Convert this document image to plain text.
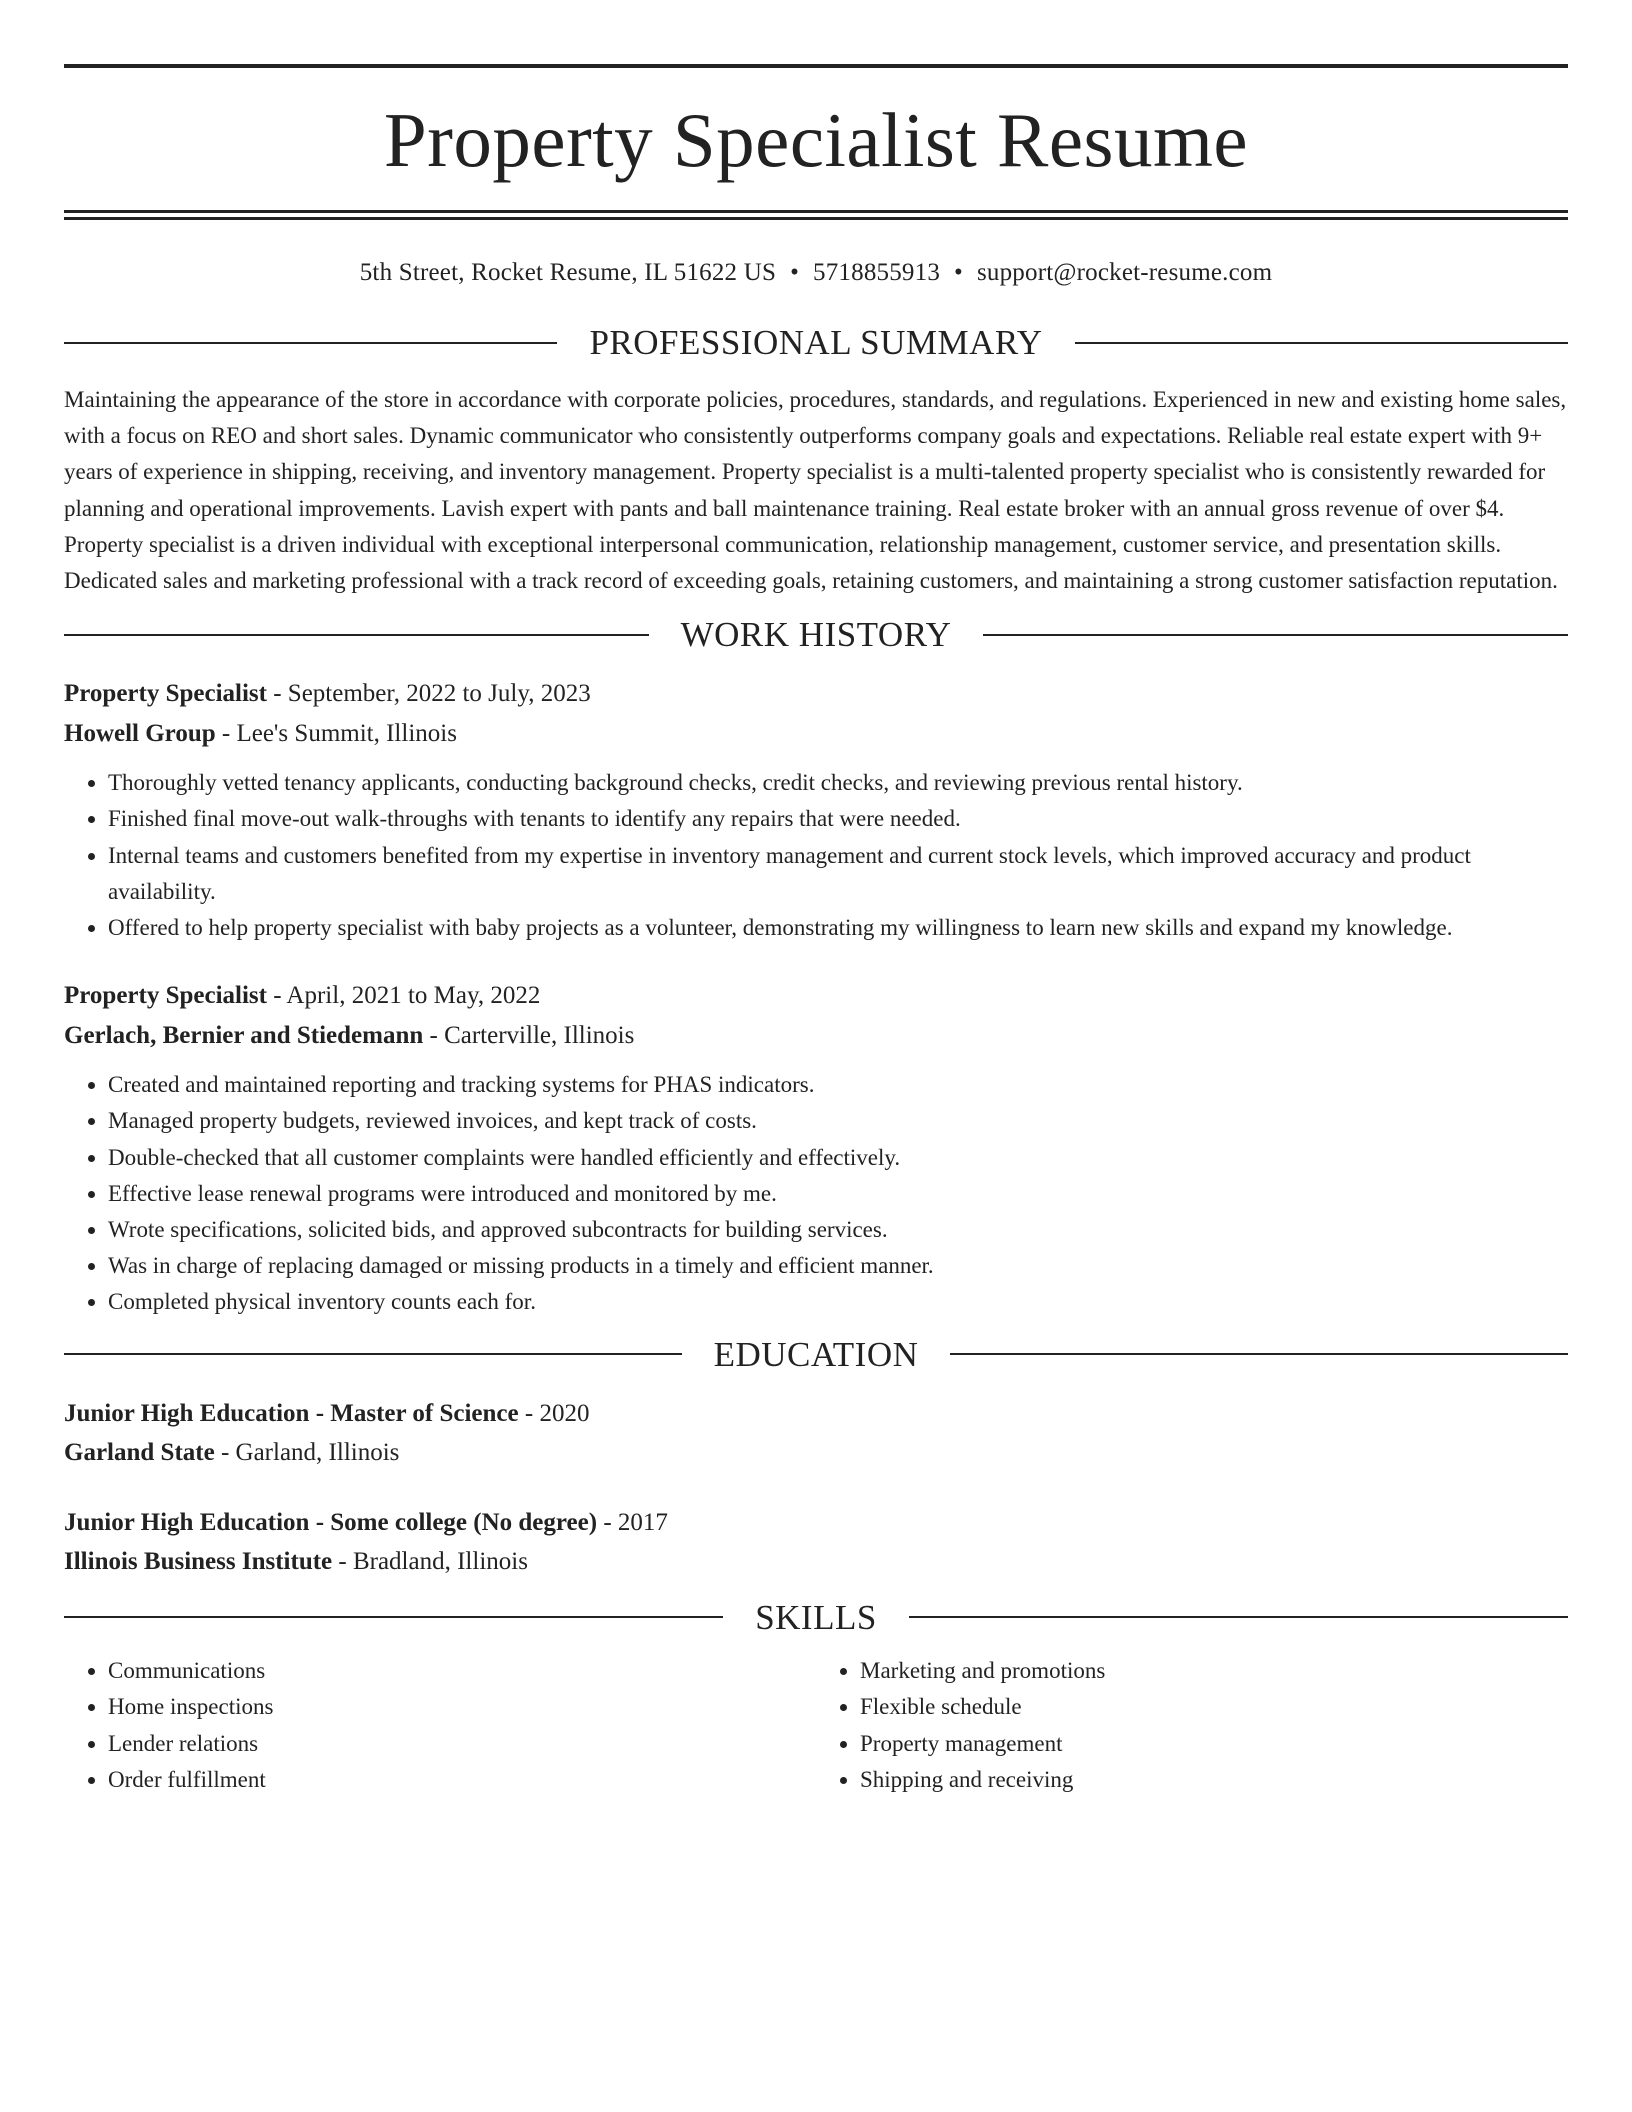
Property Specialist Resume
5th Street, Rocket Resume, IL 51622 US • 5718855913 • support@rocket-resume.com
PROFESSIONAL SUMMARY

Maintaining the appearance of the store in accordance with corporate policies, procedures, standards, and regulations. Experienced in new and existing home sales, with a focus on REO and short sales. Dynamic communicator who consistently outperforms company goals and expectations. Reliable real estate expert with 9+ years of experience in shipping, receiving, and inventory management. Property specialist is a multi-talented property specialist who is consistently rewarded for planning and operational improvements. Lavish expert with pants and ball maintenance training. Real estate broker with an annual gross revenue of over $4. Property specialist is a driven individual with exceptional interpersonal communication, relationship management, customer service, and presentation skills. Dedicated sales and marketing professional with a track record of exceeding goals, retaining customers, and maintaining a strong customer satisfaction reputation.

WORK HISTORY
Property Specialist - September, 2022 to July, 2023
Howell Group - Lee's Summit, Illinois
• Thoroughly vetted tenancy applicants, conducting background checks, credit checks, and reviewing previous rental history.
• Finished final move-out walk-throughs with tenants to identify any repairs that were needed.
• Internal teams and customers benefited from my expertise in inventory management and current stock levels, which improved accuracy and product availability.
• Offered to help property specialist with baby projects as a volunteer, demonstrating my willingness to learn new skills and expand my knowledge.
Property Specialist - April, 2021 to May, 2022
Gerlach, Bernier and Stiedemann - Carterville, Illinois
• Created and maintained reporting and tracking systems for PHAS indicators.
• Managed property budgets, reviewed invoices, and kept track of costs.
• Double-checked that all customer complaints were handled efficiently and effectively.
• Effective lease renewal programs were introduced and monitored by me.
• Wrote specifications, solicited bids, and approved subcontracts for building services.
• Was in charge of replacing damaged or missing products in a timely and efficient manner.
• Completed physical inventory counts each for.
EDUCATION
Junior High Education - Master of Science - 2020
Garland State - Garland, Illinois
Junior High Education - Some college (No degree) - 2017
Illinois Business Institute - Bradland, Illinois
SKILLS
• Communications
• Home inspections
• Lender relations
• Order fulfillment
• Marketing and promotions
• Flexible schedule
• Property management
• Shipping and receiving
